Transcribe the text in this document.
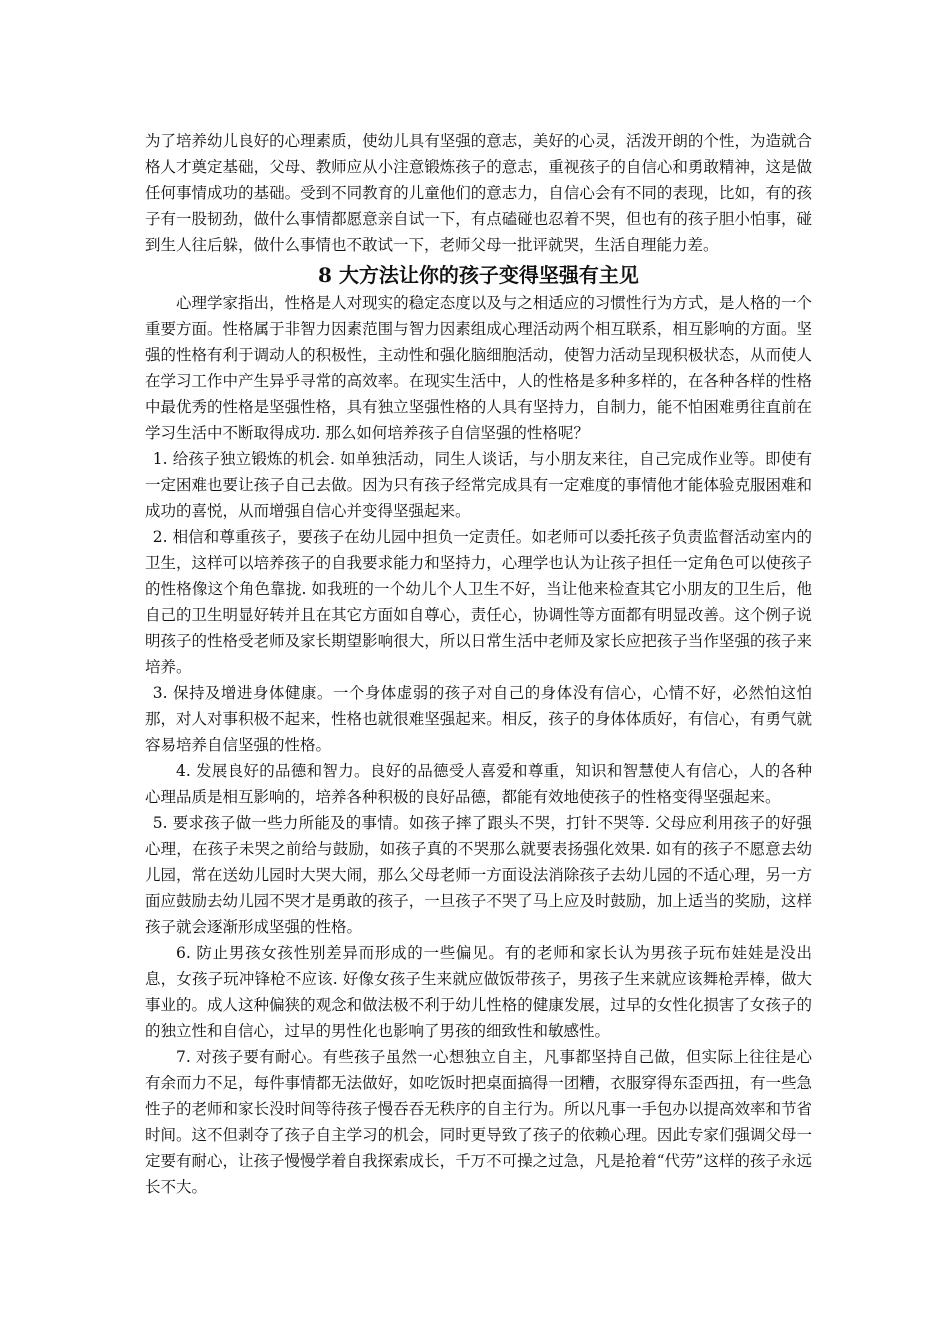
为了培养幼儿良好的心理素质，使幼儿具有坚强的意志，美好的心灵，活泼开朗的个性，为造就合格人才奠定基础，父母、教师应从小注意锻炼孩子的意志，重视孩子的自信心和勇敢精神，这是做任何事情成功的基础。受到不同教育的儿童他们的意志力，自信心会有不同的表现，比如，有的孩子有一股韧劲，做什么事情都愿意亲自试一下，有点磕碰也忍着不哭，但也有的孩子胆小怕事，碰到生人往后躲，做什么事情也不敢试一下，老师父母一批评就哭，生活自理能力差。

8 大方法让你的孩子变得坚强有主见

心理学家指出，性格是人对现实的稳定态度以及与之相适应的习惯性行为方式，是人格的一个重要方面。性格属于非智力因素范围与智力因素组成心理活动两个相互联系，相互影响的方面。坚强的性格有利于调动人的积极性，主动性和强化脑细胞活动，使智力活动呈现积极状态，从而使人在学习工作中产生异乎寻常的高效率。在现实生活中，人的性格是多种多样的，在各种各样的性格中最优秀的性格是坚强性格，具有独立坚强性格的人具有坚持力，自制力，能不怕困难勇往直前在学习生活中不断取得成功. 那么如何培养孩子自信坚强的性格呢？

1. 给孩子独立锻炼的机会. 如单独活动，同生人谈话，与小朋友来往，自己完成作业等。即使有一定困难也要让孩子自己去做。因为只有孩子经常完成具有一定难度的事情他才能体验克服困难和成功的喜悦，从而增强自信心并变得坚强起来。

2. 相信和尊重孩子，要孩子在幼儿园中担负一定责任。如老师可以委托孩子负责监督活动室内的卫生，这样可以培养孩子的自我要求能力和坚持力，心理学也认为让孩子担任一定角色可以使孩子的性格像这个角色靠拢. 如我班的一个幼儿个人卫生不好，当让他来检查其它小朋友的卫生后，他自己的卫生明显好转并且在其它方面如自尊心，责任心，协调性等方面都有明显改善。这个例子说明孩子的性格受老师及家长期望影响很大，所以日常生活中老师及家长应把孩子当作坚强的孩子来培养。

3. 保持及增进身体健康。一个身体虚弱的孩子对自己的身体没有信心，心情不好，必然怕这怕那，对人对事积极不起来，性格也就很难坚强起来。相反，孩子的身体体质好，有信心，有勇气就容易培养自信坚强的性格。

4. 发展良好的品德和智力。良好的品德受人喜爱和尊重，知识和智慧使人有信心，人的各种心理品质是相互影响的，培养各种积极的良好品德，都能有效地使孩子的性格变得坚强起来。

5. 要求孩子做一些力所能及的事情。如孩子摔了跟头不哭，打针不哭等. 父母应利用孩子的好强心理，在孩子未哭之前给与鼓励，如孩子真的不哭那么就要表扬强化效果. 如有的孩子不愿意去幼儿园，常在送幼儿园时大哭大闹，那么父母老师一方面设法消除孩子去幼儿园的不适心理，另一方面应鼓励去幼儿园不哭才是勇敢的孩子，一旦孩子不哭了马上应及时鼓励，加上适当的奖励，这样孩子就会逐渐形成坚强的性格。

6. 防止男孩女孩性别差异而形成的一些偏见。有的老师和家长认为男孩子玩布娃娃是没出息，女孩子玩冲锋枪不应该. 好像女孩子生来就应做饭带孩子，男孩子生来就应该舞枪弄棒，做大事业的。成人这种偏狭的观念和做法极不利于幼儿性格的健康发展，过早的女性化损害了女孩子的的独立性和自信心，过早的男性化也影响了男孩的细致性和敏感性。

7. 对孩子要有耐心。有些孩子虽然一心想独立自主，凡事都坚持自己做，但实际上往往是心有余而力不足，每件事情都无法做好，如吃饭时把桌面搞得一团糟，衣服穿得东歪西扭，有一些急性子的老师和家长没时间等待孩子慢吞吞无秩序的自主行为。所以凡事一手包办以提高效率和节省时间。这不但剥夺了孩子自主学习的机会，同时更导致了孩子的依赖心理。因此专家们强调父母一定要有耐心，让孩子慢慢学着自我探索成长，千万不可操之过急，凡是抢着“代劳”这样的孩子永远长不大。
